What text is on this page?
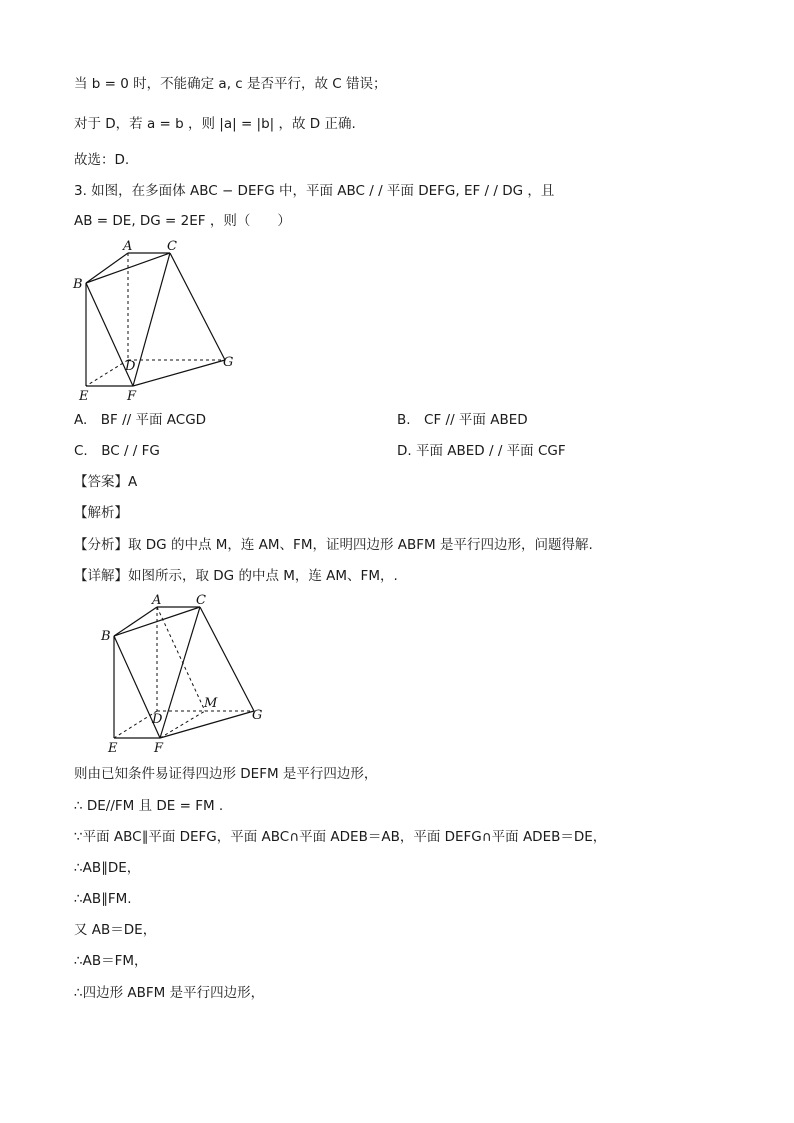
当 b = 0 时，不能确定 a, c 是否平行，故 C 错误；
对于 D，若 a = b ，则 |a| = |b| ，故 D 正确.
故选：D.
3. 如图，在多面体 ABC − DEFG 中，平面 ABC / / 平面 DEFG, EF / / DG ，且
AB = DE, DG = 2EF ，则（　　）
A	C
B
D	G
E	F
A.　BF // 平面 ACGD	B.　CF // 平面 ABED
C.　BC / / FG	D. 平面 ABED / / 平面 CGF
【答案】A
【解析】
【分析】取 DG 的中点 M，连 AM、FM，证明四边形 ABFM 是平行四边形，问题得解.
【详解】如图所示，取 DG 的中点 M，连 AM、FM，.
A	C
B
D
M
G
E	F
则由已知条件易证得四边形 DEFM 是平行四边形，
∴ DE//FM 且 DE = FM .
∵平面 ABC∥平面 DEFG，平面 ABC∩平面 ADEB＝AB，平面 DEFG∩平面 ADEB＝DE，
∴AB∥DE，
∴AB∥FM.
又 AB＝DE，
∴AB＝FM，
∴四边形 ABFM 是平行四边形，
